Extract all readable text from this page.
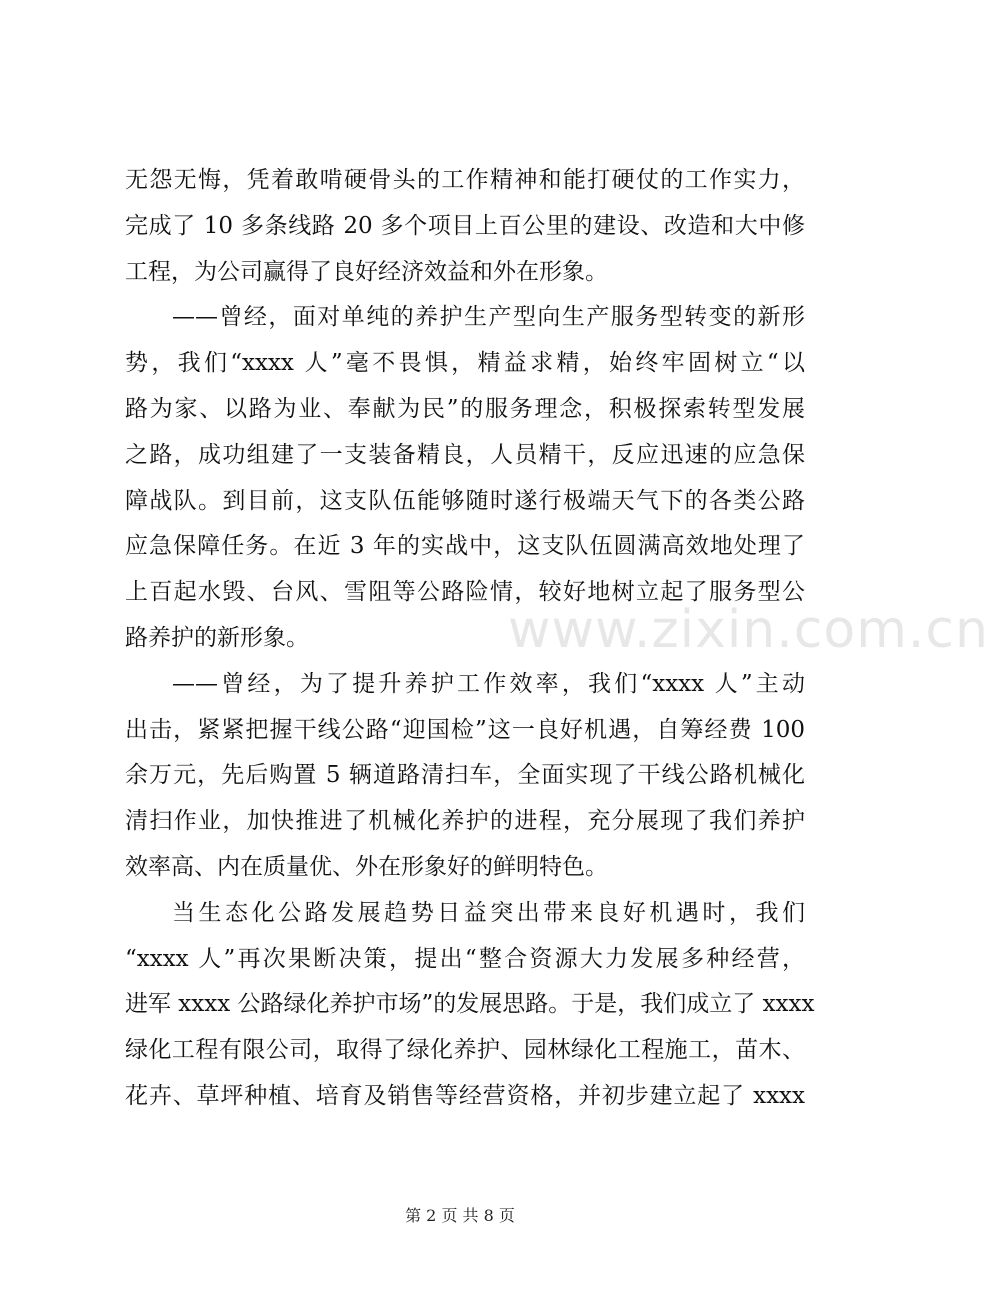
无怨无悔，凭着敢啃硬骨头的工作精神和能打硬仗的工作实力，
完成了 10 多条线路 20 多个项目上百公里的建设、改造和大中修
工程，为公司赢得了良好经济效益和外在形象。
——曾经，面对单纯的养护生产型向生产服务型转变的新形
势，我们“xxxx 人”毫不畏惧，精益求精，始终牢固树立“以
路为家、以路为业、奉献为民”的服务理念，积极探索转型发展
之路，成功组建了一支装备精良，人员精干，反应迅速的应急保
障战队。到目前，这支队伍能够随时遂行极端天气下的各类公路
应急保障任务。在近 3 年的实战中，这支队伍圆满高效地处理了
上百起水毁、台风、雪阻等公路险情，较好地树立起了服务型公
路养护的新形象。
——曾经，为了提升养护工作效率，我们“xxxx 人”主动
出击，紧紧把握干线公路“迎国检”这一良好机遇，自筹经费 100
余万元，先后购置 5 辆道路清扫车，全面实现了干线公路机械化
清扫作业，加快推进了机械化养护的进程，充分展现了我们养护
效率高、内在质量优、外在形象好的鲜明特色。
当生态化公路发展趋势日益突出带来良好机遇时，我们
“xxxx 人”再次果断决策，提出“整合资源大力发展多种经营，
进军 xxxx 公路绿化养护市场”的发展思路。于是，我们成立了 xxxx
绿化工程有限公司，取得了绿化养护、园林绿化工程施工，苗木、
花卉、草坪种植、培育及销售等经营资格，并初步建立起了 xxxx
www.zixin.com.cn
第 2 页 共 8 页
